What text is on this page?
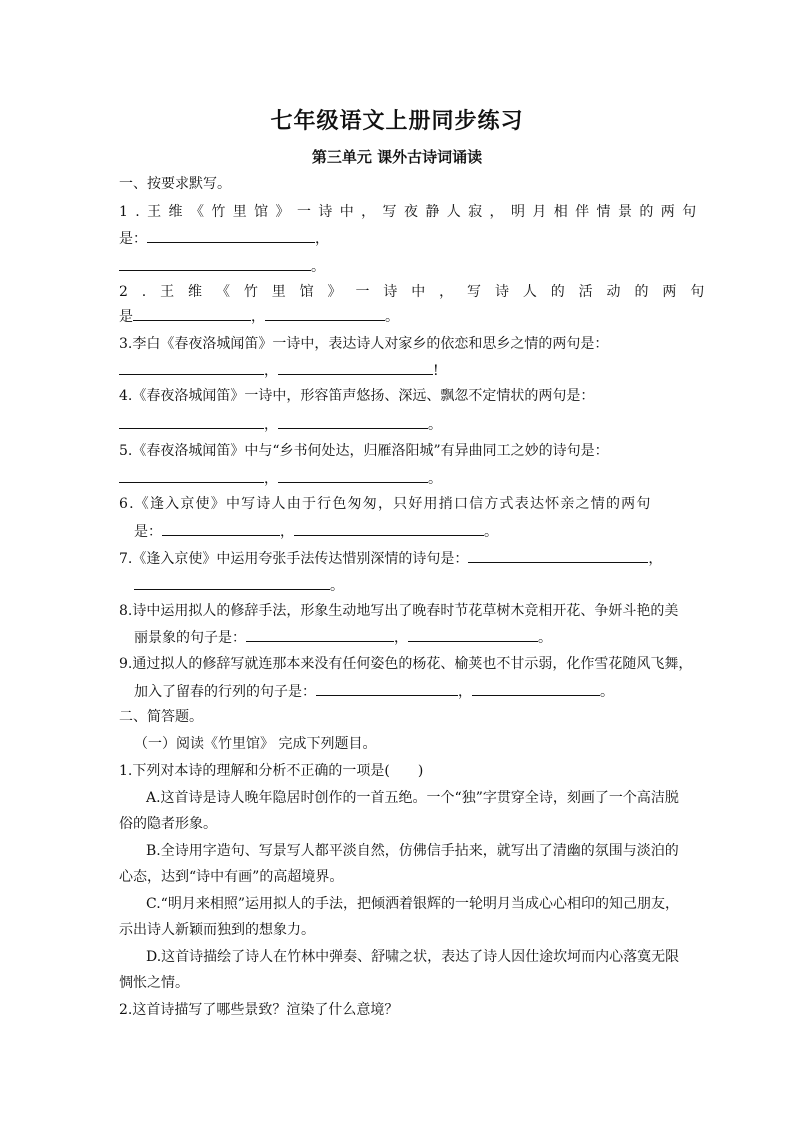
七年级语文上册同步练习
第三单元 课外古诗词诵读
一、按要求默写。
1.王维《竹里馆》一诗中，写夜静人寂，明月相伴情景的两句
是：	，
。
2.王维《竹里馆》一诗中，写诗人的活动的两句
是	，	。
3.李白《春夜洛城闻笛》一诗中，表达诗人对家乡的依恋和思乡之情的两句是：
，	!
4.《春夜洛城闻笛》一诗中，形容笛声悠扬、深远、飘忽不定情状的两句是：
，	。
5.《春夜洛城闻笛》中与“乡书何处达，归雁洛阳城”有异曲同工之妙的诗句是：
，	。
6.《逢入京使》中写诗人由于行色匆匆，只好用捎口信方式表达怀亲之情的两句
是：	，	。
7.《逢入京使》中运用夸张手法传达惜别深情的诗句是：	，
。
8.诗中运用拟人的修辞手法，形象生动地写出了晚春时节花草树木竞相开花、争妍斗艳的美
丽景象的句子是：	，	。
9.通过拟人的修辞写就连那本来没有任何姿色的杨花、榆荚也不甘示弱，化作雪花随风飞舞，
加入了留春的行列的句子是：	，	。
二、简答题。
（一）阅读《竹里馆》 完成下列题目。
1.下列对本诗的理解和分析不正确的一项是(　　)
A.这首诗是诗人晚年隐居时创作的一首五绝。一个“独”字贯穿全诗，刻画了一个高洁脱
俗的隐者形象。
B.全诗用字造句、写景写人都平淡自然，仿佛信手拈来，就写出了清幽的氛围与淡泊的
心态，达到“诗中有画”的高超境界。
C.“明月来相照”运用拟人的手法，把倾洒着银辉的一轮明月当成心心相印的知己朋友，
示出诗人新颖而独到的想象力。
D.这首诗描绘了诗人在竹林中弹奏、舒啸之状，表达了诗人因仕途坎坷而内心落寞无限
惆怅之情。
2.这首诗描写了哪些景致？渲染了什么意境？
